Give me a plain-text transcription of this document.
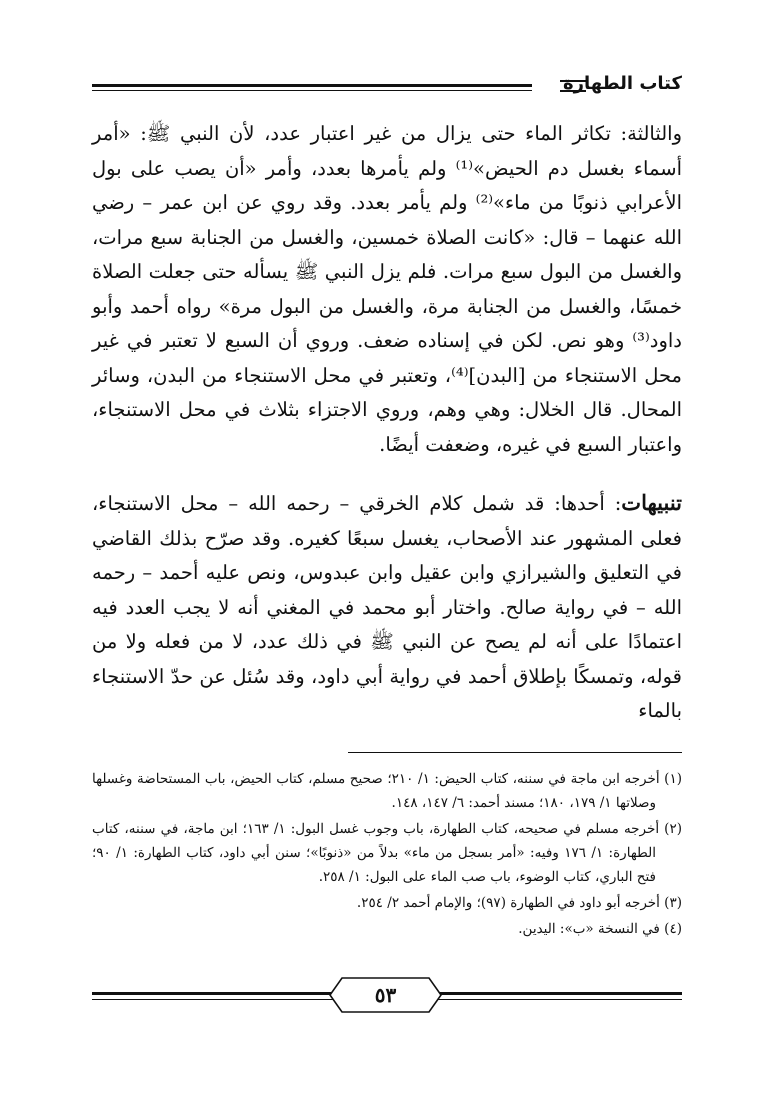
كتاب الطهارة

والثالثة: تكاثر الماء حتى يزال من غير اعتبار عدد، لأن النبي ﷺ: «أمر أسماء بغسل دم الحيض»⁽¹⁾ ولم يأمرها بعدد، وأمر «أن يصب على بول الأعرابي ذنوبًا من ماء»⁽²⁾ ولم يأمر بعدد. وقد روي عن ابن عمر – رضي الله عنهما – قال: «كانت الصلاة خمسين، والغسل من الجنابة سبع مرات، والغسل من البول سبع مرات. فلم يزل النبي ﷺ يسأله حتى جعلت الصلاة خمسًا، والغسل من الجنابة مرة، والغسل من البول مرة» رواه أحمد وأبو داود⁽³⁾ وهو نص. لكن في إسناده ضعف. وروي أن السبع لا تعتبر في غير محل الاستنجاء من [البدن]⁽⁴⁾، وتعتبر في محل الاستنجاء من البدن، وسائر المحال. قال الخلال: وهي وهم، وروي الاجتزاء بثلاث في محل الاستنجاء، واعتبار السبع في غيره، وضعفت أيضًا.

تنبيهات: أحدها: قد شمل كلام الخرقي – رحمه الله – محل الاستنجاء، فعلى المشهور عند الأصحاب، يغسل سبعًا كغيره. وقد صرّح بذلك القاضي في التعليق والشيرازي وابن عقيل وابن عبدوس، ونص عليه أحمد – رحمه الله – في رواية صالح. واختار أبو محمد في المغني أنه لا يجب العدد فيه اعتمادًا على أنه لم يصح عن النبي ﷺ في ذلك عدد، لا من فعله ولا من قوله، وتمسكًا بإطلاق أحمد في رواية أبي داود، وقد سُئل عن حدّ الاستنجاء بالماء

(١) أخرجه ابن ماجة في سننه، كتاب الحيض: ١/ ٢١٠؛ صحيح مسلم، كتاب الحيض، باب المستحاضة وغسلها وصلاتها ١/ ١٧٩، ١٨٠؛ مسند أحمد: ٦/ ١٤٧، ١٤٨.

(٢) أخرجه مسلم في صحيحه، كتاب الطهارة، باب وجوب غسل البول: ١/ ١٦٣؛ ابن ماجة، في سننه، كتاب الطهارة: ١/ ١٧٦ وفيه: «أمر بسجل من ماء» بدلاً من «ذنوبًا»؛ سنن أبي داود، كتاب الطهارة: ١/ ٩٠؛ فتح الباري، كتاب الوضوء، باب صب الماء على البول: ١/ ٢٥٨.

(٣) أخرجه أبو داود في الطهارة (٩٧)؛ والإمام أحمد ٢/ ٢٥٤.

(٤) في النسخة «ب»: اليدين.

٥٣
